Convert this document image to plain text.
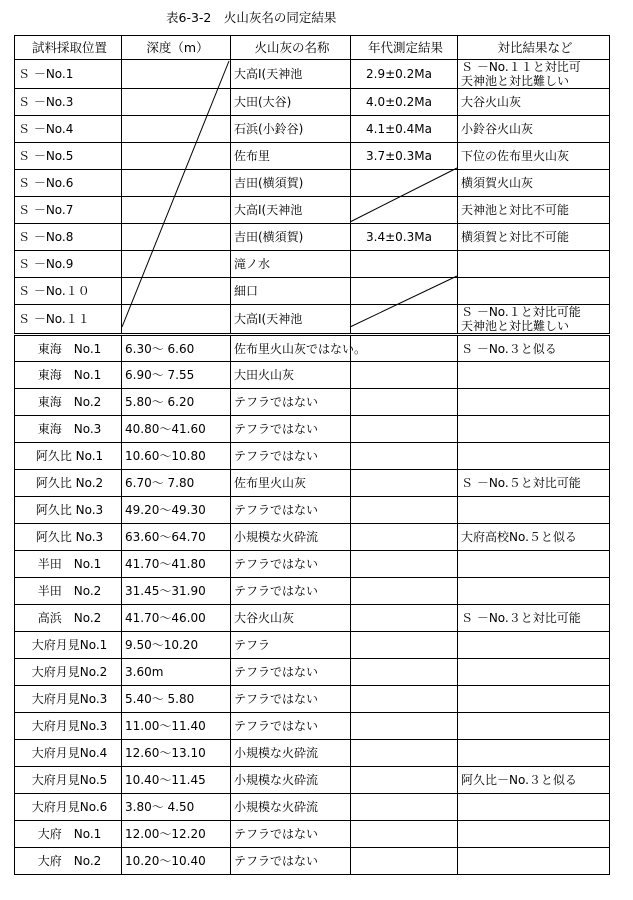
表6-3-2　火山灰名の同定結果
試料採取位置	深度（m）	火山灰の名称	年代測定結果	対比結果など
Ｓ －No.1		大高Ⅰ(天神池	2.9±0.2Ma	Ｓ －No.１１と対比可
天神池と対比難しい

Ｓ －No.3		大田(大谷)	4.0±0.2Ma	大谷火山灰

Ｓ －No.4		石浜(小鈴谷)	4.1±0.4Ma	小鈴谷火山灰

Ｓ －No.5		佐布里	3.7±0.3Ma	下位の佐布里火山灰

Ｓ －No.6		吉田(横須賀)		横須賀火山灰

Ｓ －No.7		大高Ⅰ(天神池		天神池と対比不可能

Ｓ －No.8		吉田(横須賀)	3.4±0.3Ma	横須賀と対比不可能

Ｓ －No.9		滝ノ水		

Ｓ －No.１０		細口		

Ｓ －No.１１		大高Ⅰ(天神池		Ｓ －No.１と対比可能
天神池と対比難しい

東海　No.1	6.30～ 6.60	佐布里火山灰ではない。		Ｓ －No.３と似る
東海　No.1	6.90～ 7.55	大田火山灰		
東海　No.2	5.80～ 6.20	テフラではない		
東海　No.3	40.80～41.60	テフラではない		
阿久比 No.1	10.60～10.80	テフラではない		
阿久比 No.2	6.70～ 7.80	佐布里火山灰		Ｓ －No.５と対比可能
阿久比 No.3	49.20～49.30	テフラではない		
阿久比 No.3	63.60～64.70	小規模な火砕流		大府高校No.５と似る
半田　No.1	41.70～41.80	テフラではない		
半田　No.2	31.45～31.90	テフラではない		
高浜　No.2	41.70～46.00	大谷火山灰		Ｓ －No.３と対比可能
大府月見No.1	9.50～10.20	テフラ		
大府月見No.2	3.60m	テフラではない		
大府月見No.3	5.40～ 5.80	テフラではない		
大府月見No.3	11.00～11.40	テフラではない		
大府月見No.4	12.60～13.10	小規模な火砕流		
大府月見No.5	10.40～11.45	小規模な火砕流		阿久比－No.３と似る
大府月見No.6	3.80～ 4.50	小規模な火砕流		
大府　No.1	12.00～12.20	テフラではない		
大府　No.2	10.20～10.40	テフラではない		
